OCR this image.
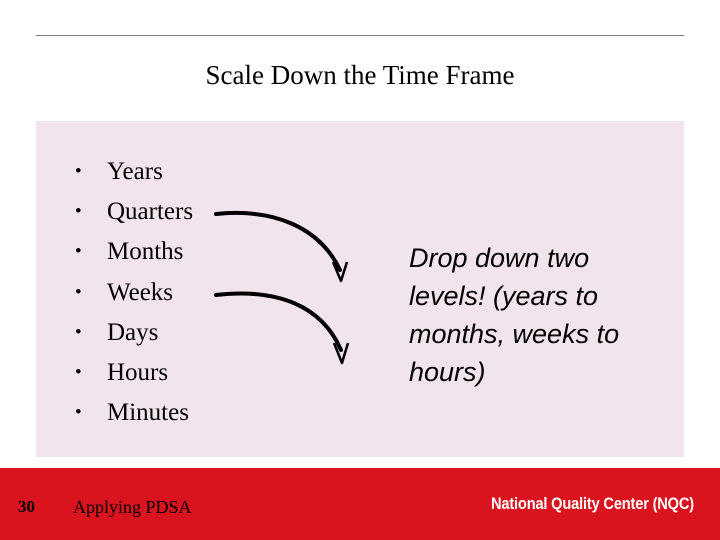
Scale Down the Time Frame
•	Years
•	Quarters
•	Months
•	Weeks
•	Days
•	Hours
•	Minutes
Drop down two levels! (years to months, weeks to hours)
30 Applying PDSA	National Quality Center (NQC)
